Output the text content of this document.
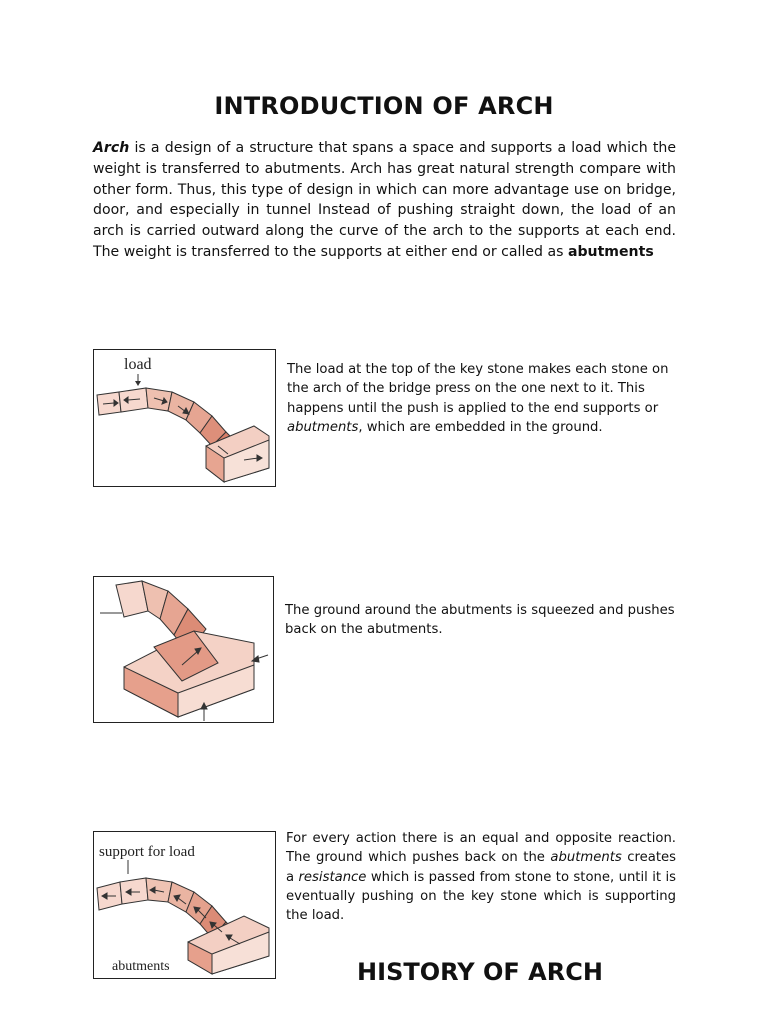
INTRODUCTION OF ARCH
Arch is a design of a structure that spans a space and supports a load which the weight is transferred to abutments. Arch has great natural strength compare with other form. Thus, this type of design in which can more advantage use on bridge, door, and especially in tunnel Instead of pushing straight down, the load of an arch is carried outward along the curve of the arch to the supports at each end. The weight is transferred to the supports at either end or called as abutments
load	The load at the top of the key stone makes each stone on the arch of the bridge press on the one next to it. This happens until the push is applied to the end supports or abutments, which are embedded in the ground.
The ground around the abutments is squeezed and pushes back on the abutments.
support for load
abutments
For every action there is an equal and opposite reaction. The ground which pushes back on the abutments creates a resistance which is passed from stone to stone, until it is eventually pushing on the key stone which is supporting the load.
HISTORY OF ARCH
